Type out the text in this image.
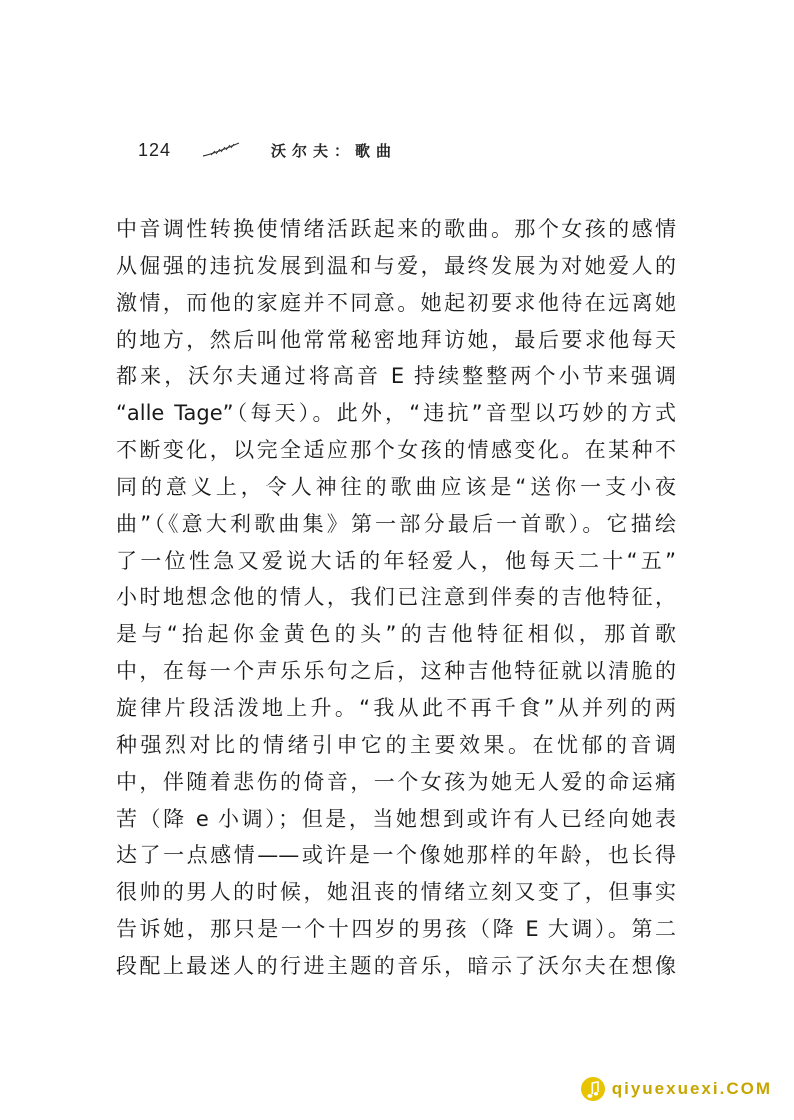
124	沃尔夫：歌曲
中音调性转换使情绪活跃起来的歌曲。那个女孩的感情
从倔强的违抗发展到温和与爱，最终发展为对她爱人的
激情，而他的家庭并不同意。她起初要求他待在远离她
的地方，然后叫他常常秘密地拜访她，最后要求他每天
都来，沃尔夫通过将高音 E 持续整整两个小节来强调
“alle Tage”（每天）。此外，“违抗”音型以巧妙的方式
不断变化，以完全适应那个女孩的情感变化。在某种不
同的意义上，令人神往的歌曲应该是“送你一支小夜
曲”（《意大利歌曲集》第一部分最后一首歌）。它描绘
了一位性急又爱说大话的年轻爱人，他每天二十“五”
小时地想念他的情人，我们已注意到伴奏的吉他特征，
是与“抬起你金黄色的头”的吉他特征相似，那首歌
中，在每一个声乐乐句之后，这种吉他特征就以清脆的
旋律片段活泼地上升。“我从此不再千食”从并列的两
种强烈对比的情绪引申它的主要效果。在忧郁的音调
中，伴随着悲伤的倚音，一个女孩为她无人爱的命运痛
苦（降 e 小调）；但是，当她想到或许有人已经向她表
达了一点感情——或许是一个像她那样的年龄，也长得
很帅的男人的时候，她沮丧的情绪立刻又变了，但事实
告诉她，那只是一个十四岁的男孩（降 E 大调）。第二
段配上最迷人的行进主题的音乐，暗示了沃尔夫在想像
qiyuexuexi.COM
